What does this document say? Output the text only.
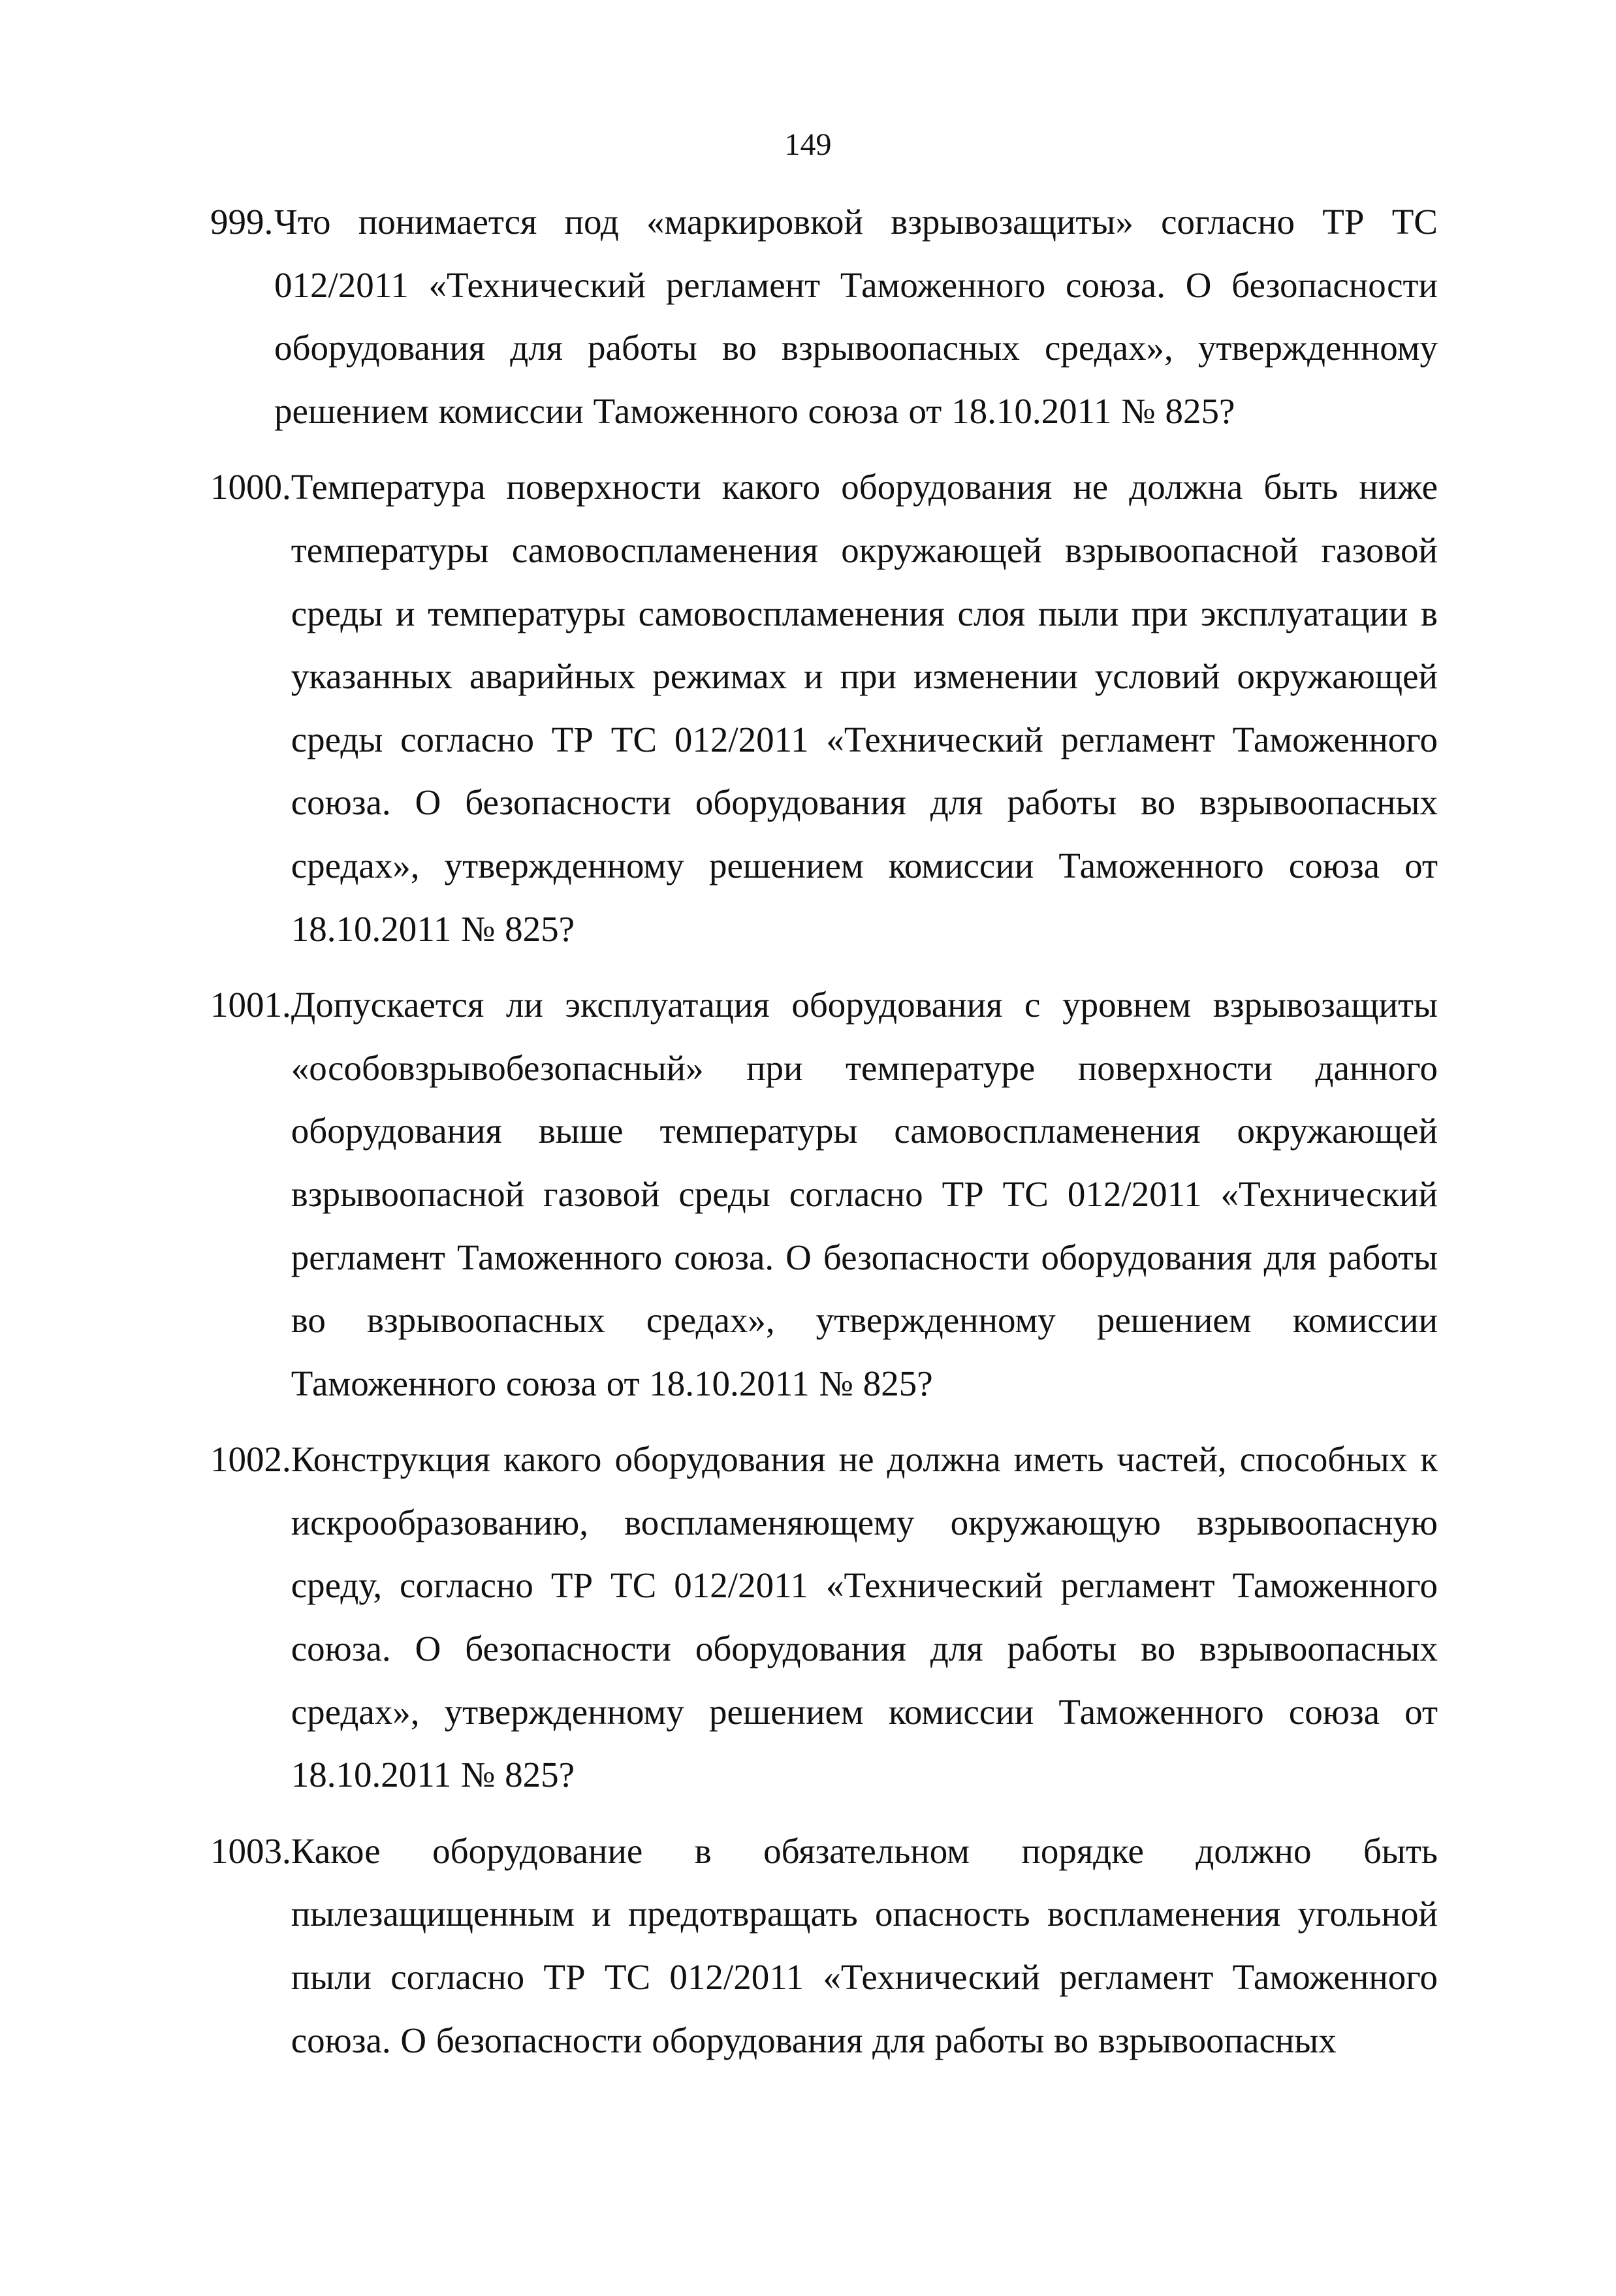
149
999. Что понимается под «маркировкой взрывозащиты» согласно ТР ТС 012/2011 «Технический регламент Таможенного союза. О безопасности оборудования для работы во взрывоопасных средах», утвержденному решением комиссии Таможенного союза от 18.10.2011 № 825?
1000. Температура поверхности какого оборудования не должна быть ниже температуры самовоспламенения окружающей взрывоопасной газовой среды и температуры самовоспламенения слоя пыли при эксплуатации в указанных аварийных режимах и при изменении условий окружающей среды согласно ТР ТС 012/2011 «Технический регламент Таможенного союза. О безопасности оборудования для работы во взрывоопасных средах», утвержденному решением комиссии Таможенного союза от 18.10.2011 № 825?
1001. Допускается ли эксплуатация оборудования с уровнем взрывозащиты «особовзрывобезопасный» при температуре поверхности данного оборудования выше температуры самовоспламенения окружающей взрывоопасной газовой среды согласно ТР ТС 012/2011 «Технический регламент Таможенного союза. О безопасности оборудования для работы во взрывоопасных средах», утвержденному решением комиссии Таможенного союза от 18.10.2011 № 825?
1002. Конструкция какого оборудования не должна иметь частей, способных к искрообразованию, воспламеняющему окружающую взрывоопасную среду, согласно ТР ТС 012/2011 «Технический регламент Таможенного союза. О безопасности оборудования для работы во взрывоопасных средах», утвержденному решением комиссии Таможенного союза от 18.10.2011 № 825?
1003. Какое оборудование в обязательном порядке должно быть пылезащищенным и предотвращать опасность воспламенения угольной пыли согласно ТР ТС 012/2011 «Технический регламент Таможенного союза. О безопасности оборудования для работы во взрывоопасных
